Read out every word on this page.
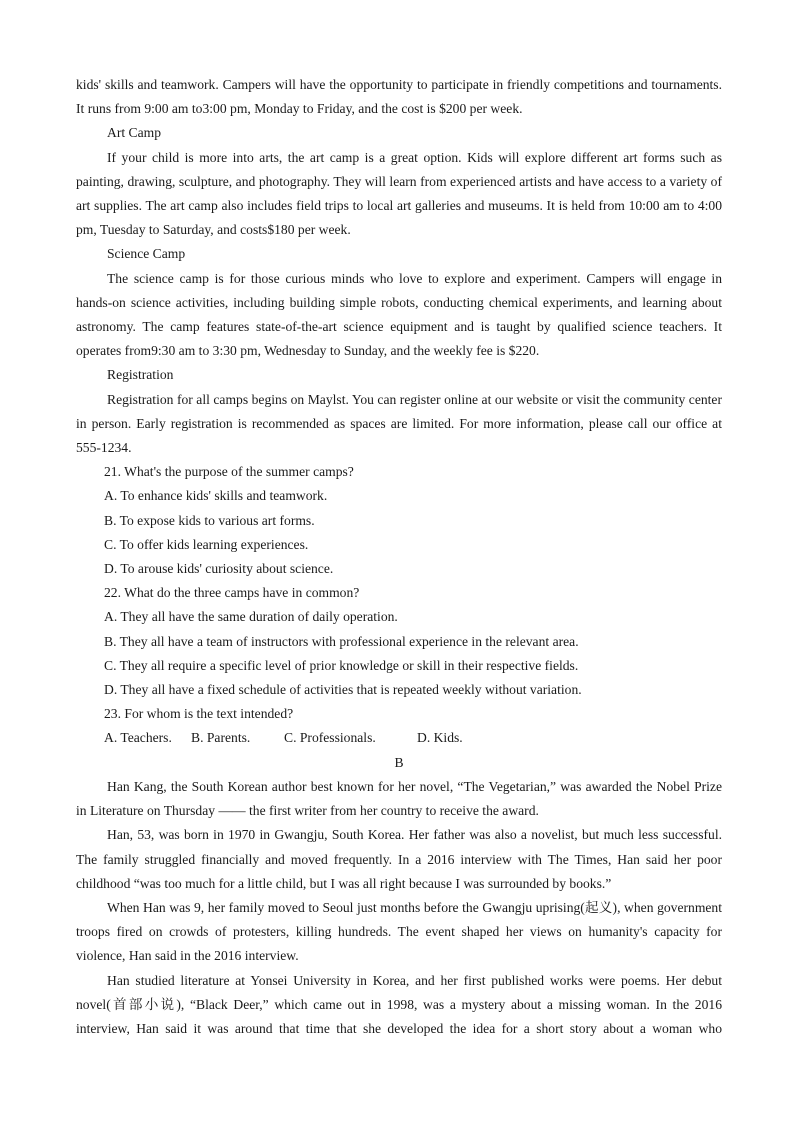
kids' skills and teamwork. Campers will have the opportunity to participate in friendly competitions and tournaments. It runs from 9:00 am to3:00 pm, Monday to Friday, and the cost is $200 per week.

Art Camp

If your child is more into arts, the art camp is a great option. Kids will explore different art forms such as painting, drawing, sculpture, and photography. They will learn from experienced artists and have access to a variety of art supplies. The art camp also includes field trips to local art galleries and museums. It is held from 10:00 am to 4:00 pm, Tuesday to Saturday, and costs$180 per week.

Science Camp

The science camp is for those curious minds who love to explore and experiment. Campers will engage in hands-on science activities, including building simple robots, conducting chemical experiments, and learning about astronomy. The camp features state-of-the-art science equipment and is taught by qualified science teachers. It operates from9:30 am to 3:30 pm, Wednesday to Sunday, and the weekly fee is $220.

Registration

Registration for all camps begins on Maylst. You can register online at our website or visit the community center in person. Early registration is recommended as spaces are limited. For more information, please call our office at 555-1234.

21. What's the purpose of the summer camps?

A. To enhance kids' skills and teamwork.

B. To expose kids to various art forms.

C. To offer kids learning experiences.

D. To arouse kids' curiosity about science.

22. What do the three camps have in common?

A. They all have the same duration of daily operation.

B. They all have a team of instructors with professional experience in the relevant area.

C. They all require a specific level of prior knowledge or skill in their respective fields.

D. They all have a fixed schedule of activities that is repeated weekly without variation.

23. For whom is the text intended?

A. Teachers. B. Parents. C. Professionals.	D. Kids.

B

Han Kang, the South Korean author best known for her novel, “The Vegetarian,” was awarded the Nobel Prize in Literature on Thursday —— the first writer from her country to receive the award.

Han, 53, was born in 1970 in Gwangju, South Korea. Her father was also a novelist, but much less successful. The family struggled financially and moved frequently. In a 2016 interview with The Times, Han said her poor childhood “was too much for a little child, but I was all right because I was surrounded by books.”

When Han was 9, her family moved to Seoul just months before the Gwangju uprising(起义), when government troops fired on crowds of protesters, killing hundreds. The event shaped her views on humanity's capacity for violence, Han said in the 2016 interview.

Han studied literature at Yonsei University in Korea, and her first published works were poems. Her debut novel(首部小说), “Black Deer,” which came out in 1998, was a mystery about a missing woman. In the 2016 interview, Han said it was around that time that she developed the idea for a short story about a woman who
